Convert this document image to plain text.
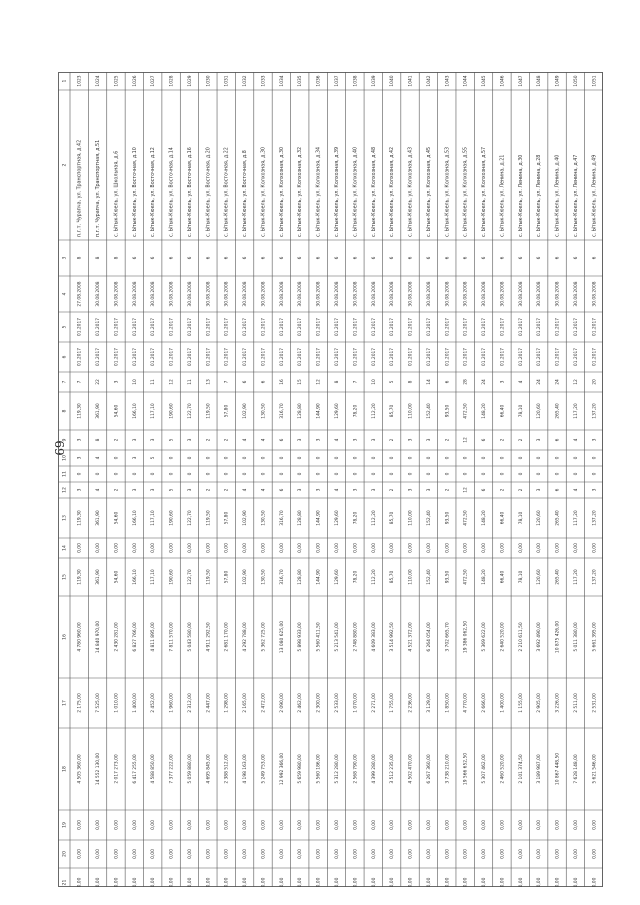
69
1
2
3
4
5
6
7
8
9
10
11
12
13
14
15
16
17
18
19
20
21
1023
п.г.т. Чурапча, ул. Транспортная, д.42
8
27.08.2008
01.2017
01.2017
7
119,30
3
3
0
3
119,30
0,00
119,30
4 780 960,00
2 175,00
4 505 360,00
0,00
0,00
0,00
1024
п.г.т. Чурапча, ул. Транспортная, д.51
8
30.08.2008
01.2017
01.2017
22
361,90
8
4
0
4
361,90
0,00
361,90
14 840 970,00
7 525,00
14 552 130,00
0,00
0,00
0,00
1025
с. Ытык-Кюель, ул. Школьная, д.6
8
30.08.2008
01.2017
01.2017
3
54,60
2
0
0
2
54,60
0,00
54,60
2 430 281,00
1 010,00
2 017 273,00
0,00
0,00
0,00
1026
с. Ытык-Кюель, ул. Восточная, д.10
6
30.08.2008
01.2017
01.2017
10
166,10
3
3
0
3
166,10
0,00
166,10
6 827 766,00
1 400,00
6 417 255,00
0,00
0,00
0,00
1027
с. Ытык-Кюель, ул. Восточная, д.12
6
30.08.2008
01.2017
01.2017
11
117,10
3
5
0
3
117,10
0,00
117,10
4 811 895,00
2 452,00
4 588 850,00
0,00
0,00
0,00
1028
с. Ытык-Кюель, ул. Восточная, д.14
6
30.08.2008
01.2017
01.2017
12
190,60
5
0
0
5
190,60
0,00
190,60
7 811 570,00
1 960,00
7 377 222,00
0,00
0,00
0,00
1029
с. Ытык-Кюель, ул. Восточная, д.16
6
30.08.2008
01.2017
01.2017
11
122,70
3
0
0
3
122,70
0,00
122,70
5 043 580,00
2 312,00
5 059 880,00
0,00
0,00
0,00
1030
с. Ытык-Кюель, ул. Восточная, д.20
6
30.08.2008
01.2017
01.2017
13
119,50
2
0
0
2
119,50
0,00
119,50
4 911 292,50
2 447,00
4 695 845,00
0,00
0,00
0,00
1031
с. Ытык-Кюель, ул. Восточная, д.22
6
30.08.2008
01.2017
01.2017
7
57,80
2
0
0
2
57,80
0,00
57,80
2 681 170,00
1 298,00
2 388 512,00
0,00
0,00
0,00
1032
с. Ытык-Кюель, ул. Восточная, д.8
6
30.08.2008
01.2017
01.2017
6
102,90
4
0
0
4
102,90
0,00
102,90
4 292 788,00
2 165,00
4 198 163,00
0,00
0,00
0,00
1033
с. Ытык-Кюель, ул. Колхозная, д.30
6
30.08.2008
01.2017
01.2017
6
130,50
4
0
0
4
130,50
0,00
130,50
5 362 725,00
2 472,00
5 249 753,00
0,00
0,00
0,00
1034
с. Ытык-Кюель, ул. Колхозная, д.30
6
30.08.2008
01.2017
01.2017
16
316,70
6
0
0
6
316,70
0,00
316,70
13 080 625,00
2 090,00
12 992 366,00
0,00
0,00
0,00
1035
с. Ытык-Кюель, ул. Колхозная, д.32
6
30.08.2008
01.2017
01.2017
15
128,80
3
0
0
3
128,80
0,00
128,80
5 898 933,00
2 462,00
5 659 980,00
0,00
0,00
0,00
1036
с. Ытык-Кюель, ул. Колхозная, д.34
6
30.08.2008
01.2017
01.2017
12
144,90
3
0
0
3
144,90
0,00
144,90
5 560 411,50
2 300,00
5 560 186,00
0,00
0,00
0,00
1037
с. Ытык-Кюель, ул. Колхозная, д.39
6
30.08.2008
01.2017
01.2017
8
129,60
4
0
0
4
129,60
0,00
129,60
5 213 541,00
2 533,00
5 312 280,00
0,00
0,00
0,00
1038
с. Ытык-Кюель, ул. Колхозная, д.40
6
30.08.2008
01.2017
01.2017
7
78,20
3
0
0
3
78,20
0,00
78,20
2 748 880,00
1 070,00
2 568 790,00
0,00
0,00
0,00
1039
с. Ытык-Кюель, ул. Колхозная, д.48
6
30.08.2008
01.2017
01.2017
10
112,20
3
0
0
3
112,20
0,00
112,20
4 609 383,00
2 271,00
4 399 280,00
0,00
0,00
0,00
1040
с. Ытык-Кюель, ул. Колхозная, д.42
6
30.08.2008
01.2017
01.2017
5
85,70
2
0
0
2
85,70
0,00
85,70
3 514 992,50
1 755,00
3 512 235,00
0,00
0,00
0,00
1041
с. Ытык-Кюель, ул. Колхозная, д.43
6
30.08.2008
01.2017
01.2017
8
110,00
3
0
0
3
110,00
0,00
110,00
4 521 372,00
2 236,00
4 502 470,00
0,00
0,00
0,00
1042
с. Ытык-Кюель, ул. Колхозная, д.45
6
30.08.2008
01.2017
01.2017
14
152,40
3
0
0
3
152,40
0,00
152,40
6 264 054,00
3 129,00
6 267 360,00
0,00
0,00
0,00
1043
с. Ытык-Кюель, ул. Колхозная, д.53
6
30.08.2008
01.2017
01.2017
6
93,50
2
0
0
2
93,50
0,00
93,50
3 702 665,70
1 850,00
3 738 210,00
0,00
0,00
0,00
1044
с. Ытык-Кюель, ул. Колхозная, д.55
6
30.08.2008
01.2017
01.2017
28
472,50
12
0
0
12
472,50
0,00
472,50
19 386 062,50
4 770,00
19 566 652,50
0,00
0,00
0,00
1045
с. Ытык-Кюель, ул. Колхозная, д.57
6
30.08.2008
01.2017
01.2017
24
148,20
6
0
0
6
148,20
0,00
148,20
5 369 622,00
2 666,00
5 307 462,00
0,00
0,00
0,00
1046
с. Ытык-Кюель, ул. Ленина, д.21
6
30.08.2008
01.2017
01.2017
3
66,40
2
0
0
2
66,40
0,00
66,40
2 640 520,00
1 400,00
2 460 520,00
0,00
0,00
0,00
1047
с. Ытык-Кюель, ул. Ленина, д.30
6
30.08.2008
01.2017
01.2017
4
78,10
2
0
0
2
78,10
0,00
78,10
2 210 611,50
1 155,00
2 101 374,50
0,00
0,00
0,00
1048
с. Ытык-Кюель, ул. Ленина, д.28
6
30.08.2008
01.2017
01.2017
24
120,60
3
0
0
3
120,60
0,00
120,60
3 692 490,00
2 905,00
3 189 987,00
0,00
0,00
0,00
1049
с. Ытык-Кюель, ул. Ленина, д.40
6
30.08.2008
01.2017
01.2017
24
265,40
6
0
0
6
265,40
0,00
265,40
10 875 426,00
3 226,00
10 867 448,50
0,00
0,00
0,00
1050
с. Ытык-Кюель, ул. Ленина, д.47
6
30.08.2008
01.2017
01.2017
12
117,20
4
0
0
4
117,20
0,00
117,20
5 011 380,00
2 511,00
7 628 148,00
0,00
0,00
0,00
1051
с. Ытык-Кюель, ул. Ленина, д.49
6
30.08.2008
01.2017
01.2017
20
137,20
3
0
0
3
137,20
0,00
137,20
5 661 395,00
2 531,00
5 621 546,00
0,00
0,00
0,00
